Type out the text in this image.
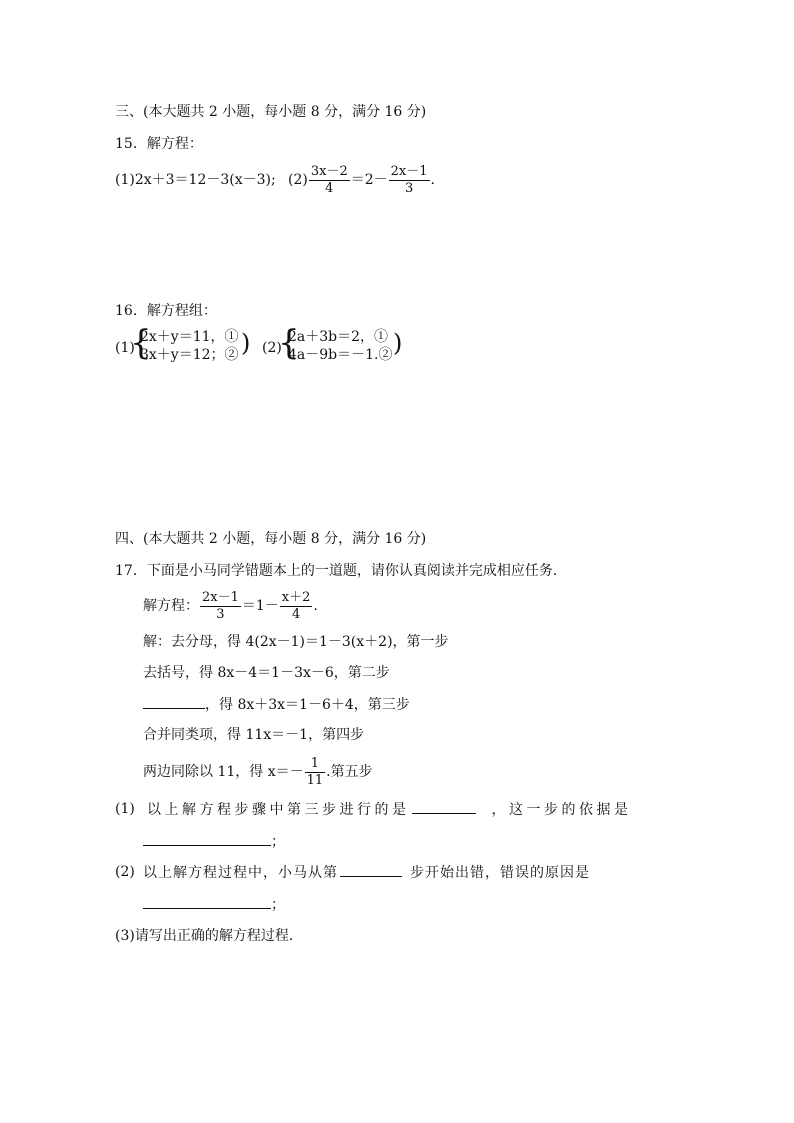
三、(本大题共 2 小题，每小题 8 分，满分 16 分)
15．解方程：
(1)2x＋3＝12－3(x－3); $(2) \frac{3x-2}{4} =2- \frac{2x-1}{3}$ .
16．解方程组：
(1)
{
2x＋y＝11，①
3x＋y＝12；② ) (2)
{
2a＋3b＝2，①
4a－9b＝－1.② )
四、(本大题共 2 小题，每小题 8 分，满分 16 分)
17．下面是小马同学错题本上的一道题，请你认真阅读并完成相应任务．
解方程： $\frac{2x-1}{3} =1- \frac{x+2}{4}$ .
解：去分母，得 4(2x－1)＝1－3(x＋2)，第一步
去括号，得 8x－4＝1－3x－6，第二步
，得 8x＋3x＝1－6＋4，第三步
合并同类项，得 11x＝－1，第四步
两边同除以 11，得 $x=- \frac{1}{11}$ .第五步
(1) 以上解方程步骤中第三步进行的是	，这一步的依据是
；
(2) 以上解方程过程中，小马从第	步开始出错，错误的原因是
；
(3)请写出正确的解方程过程．
